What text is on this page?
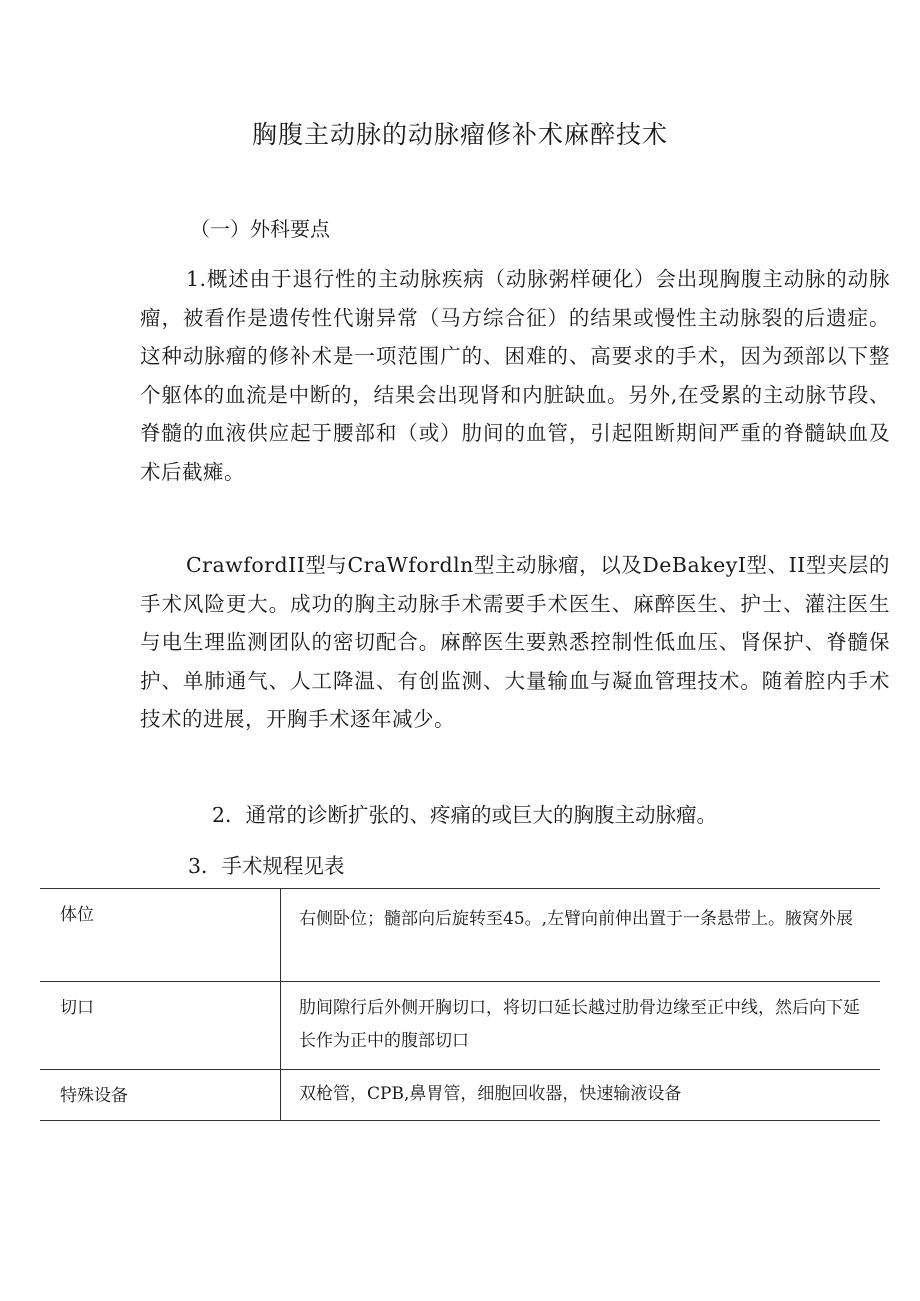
胸腹主动脉的动脉瘤修补术麻醉技术
（一）外科要点
1.概述由于退行性的主动脉疾病（动脉粥样硬化）会出现胸腹主动脉的动脉瘤，被看作是遗传性代谢异常（马方综合征）的结果或慢性主动脉裂的后遗症。这种动脉瘤的修补术是一项范围广的、困难的、高要求的手术，因为颈部以下整个躯体的血流是中断的，结果会出现肾和内脏缺血。另外,在受累的主动脉节段、脊髓的血液供应起于腰部和（或）肋间的血管，引起阻断期间严重的脊髓缺血及术后截瘫。
CrawfordII型与CraWfordln型主动脉瘤，以及DeBakeyI型、II型夹层的手术风险更大。成功的胸主动脉手术需要手术医生、麻醉医生、护士、灌注医生与电生理监测团队的密切配合。麻醉医生要熟悉控制性低血压、肾保护、脊髓保护、单肺通气、人工降温、有创监测、大量输血与凝血管理技术。随着腔内手术技术的进展，开胸手术逐年减少。
2．通常的诊断扩张的、疼痛的或巨大的胸腹主动脉瘤。
3．手术规程见表
体位	右侧卧位；髓部向后旋转至45。,左臂向前伸出置于一条悬带上。腋窝外展

切口	肋间隙行后外侧开胸切口，将切口延长越过肋骨边缘至正中线，然后向下延长作为正中的腹部切口
特殊设备	双枪管，CPB,鼻胃管，细胞回收器，快速输液设备
